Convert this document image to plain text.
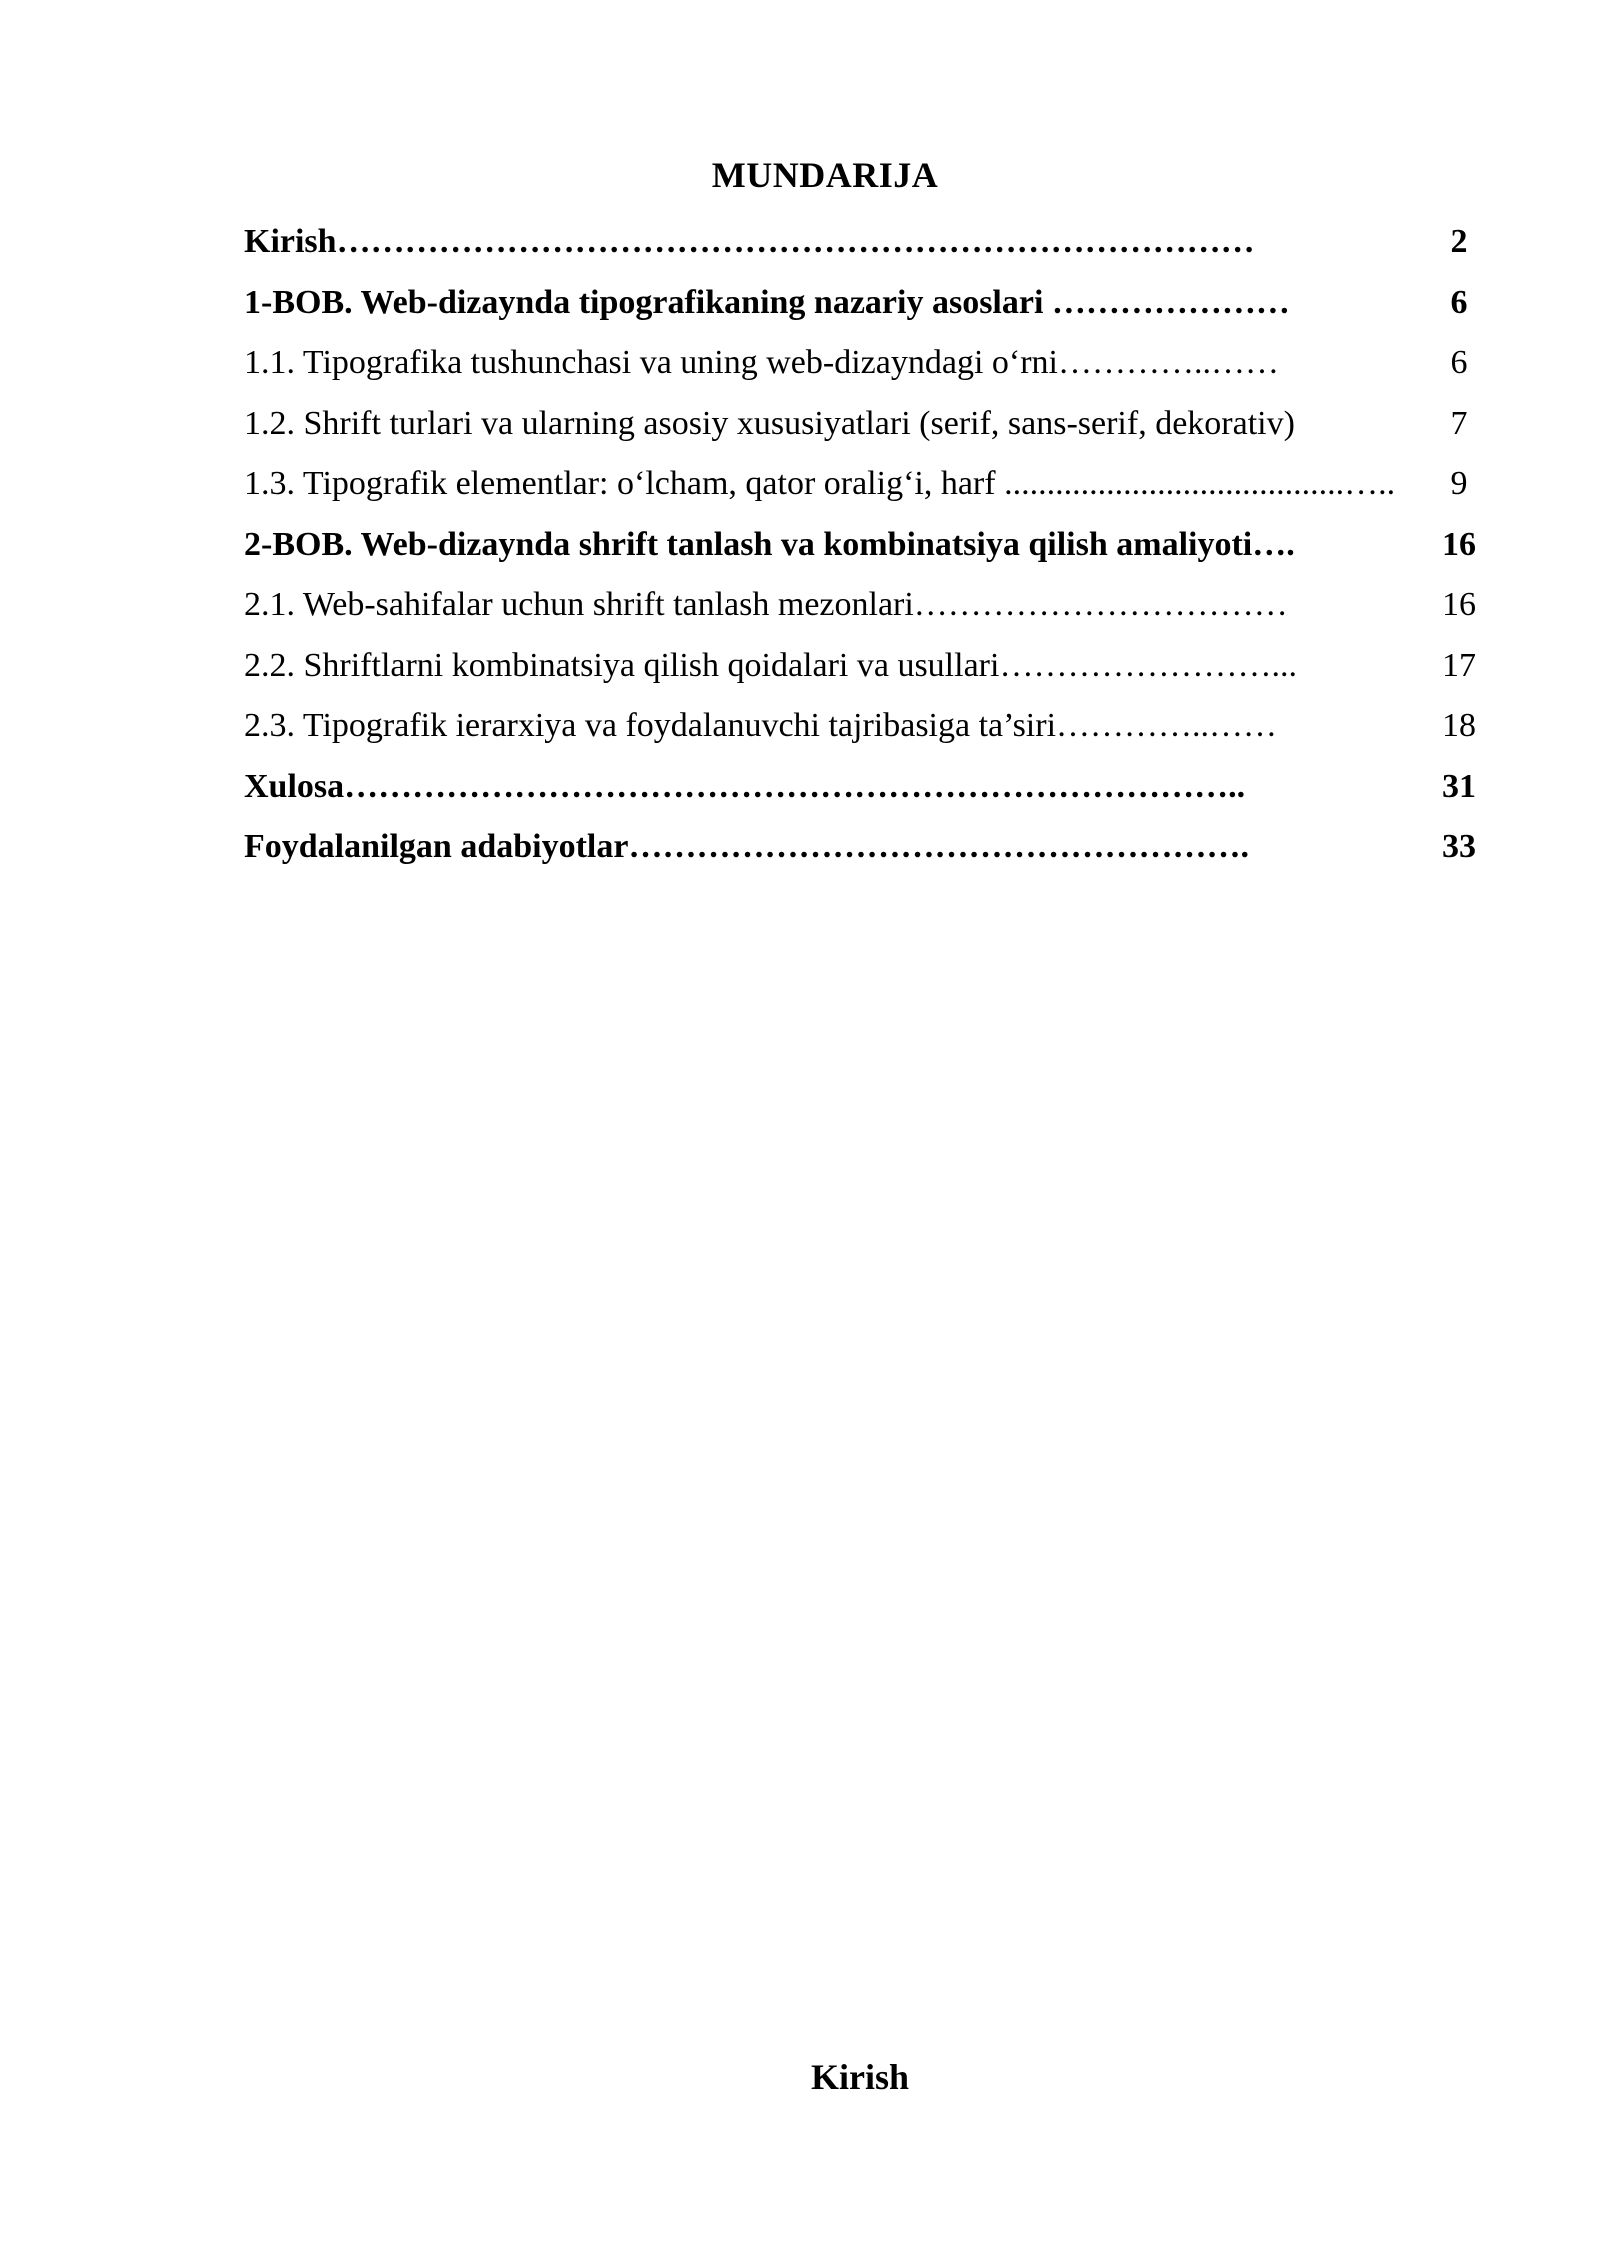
MUNDARIJA
Kirish………………………………………………………………………	2
1-BOB. Web-dizaynda tipografikaning nazariy asoslari …………………	6
1.1. Tipografika tushunchasi va uning web-dizayndagi o‘rni…………..……	6
1.2. Shrift turlari va ularning asosiy xususiyatlari (serif, sans-serif, dekorativ)	7
1.3. Tipografik elementlar: o‘lcham, qator oralig‘i, harf ........................................…..	9
2-BOB. Web-dizaynda shrift tanlash va kombinatsiya qilish amaliyoti….	16
2.1. Web-sahifalar uchun shrift tanlash mezonlari……………………………	16
2.2. Shriftlarni kombinatsiya qilish qoidalari va usullari……………………...	17
2.3. Tipografik ierarxiya va foydalanuvchi tajribasiga ta’siri…………..……	18
Xulosa……………………………………………………………………..	31
Foydalanilgan adabiyotlar……………………………………………….	33
Kirish
